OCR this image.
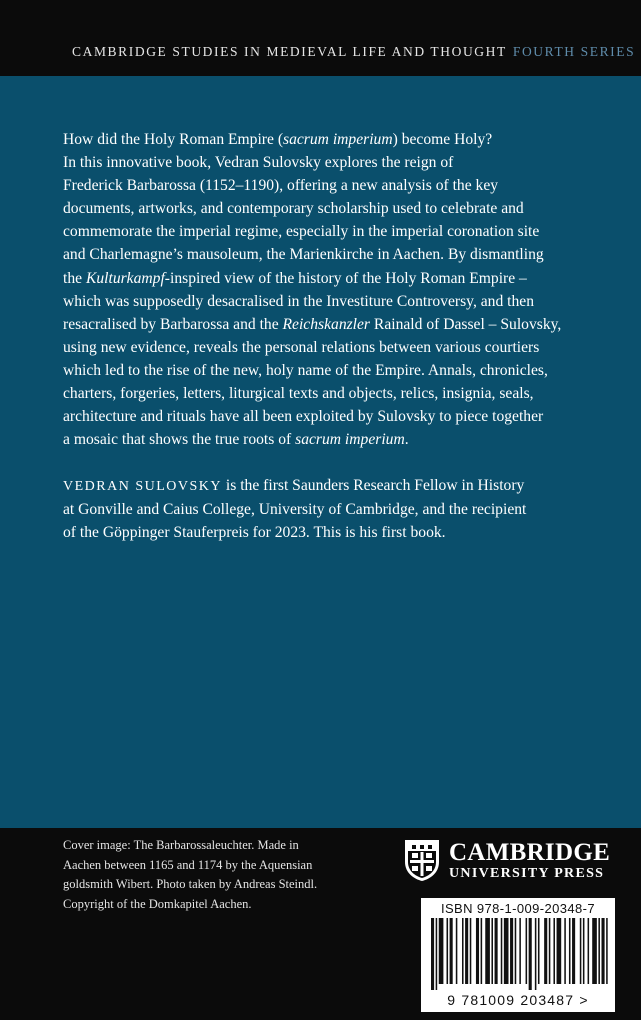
CAMBRIDGE STUDIES IN MEDIEVAL LIFE AND THOUGHT FOURTH SERIES
How did the Holy Roman Empire (sacrum imperium) become Holy?
In this innovative book, Vedran Sulovsky explores the reign of
Frederick Barbarossa (1152–1190), offering a new analysis of the key
documents, artworks, and contemporary scholarship used to celebrate and
commemorate the imperial regime, especially in the imperial coronation site
and Charlemagne’s mausoleum, the Marienkirche in Aachen. By dismantling
the Kulturkampf-inspired view of the history of the Holy Roman Empire –
which was supposedly desacralised in the Investiture Controversy, and then
resacralised by Barbarossa and the Reichskanzler Rainald of Dassel – Sulovsky,
using new evidence, reveals the personal relations between various courtiers
which led to the rise of the new, holy name of the Empire. Annals, chronicles,
charters, forgeries, letters, liturgical texts and objects, relics, insignia, seals,
architecture and rituals have all been exploited by Sulovsky to piece together
a mosaic that shows the true roots of sacrum imperium.
VEDRAN SULOVSKY is the first Saunders Research Fellow in History
at Gonville and Caius College, University of Cambridge, and the recipient
of the Göppinger Stauferpreis for 2023. This is his first book.
Cover image: The Barbarossaleuchter. Made in
Aachen between 1165 and 1174 by the Aquensian
goldsmith Wibert. Photo taken by Andreas Steindl.
Copyright of the Domkapitel Aachen.
CAMBRIDGE
UNIVERSITY PRESS
ISBN 978-1-009-20348-7
9 781009 203487 >
